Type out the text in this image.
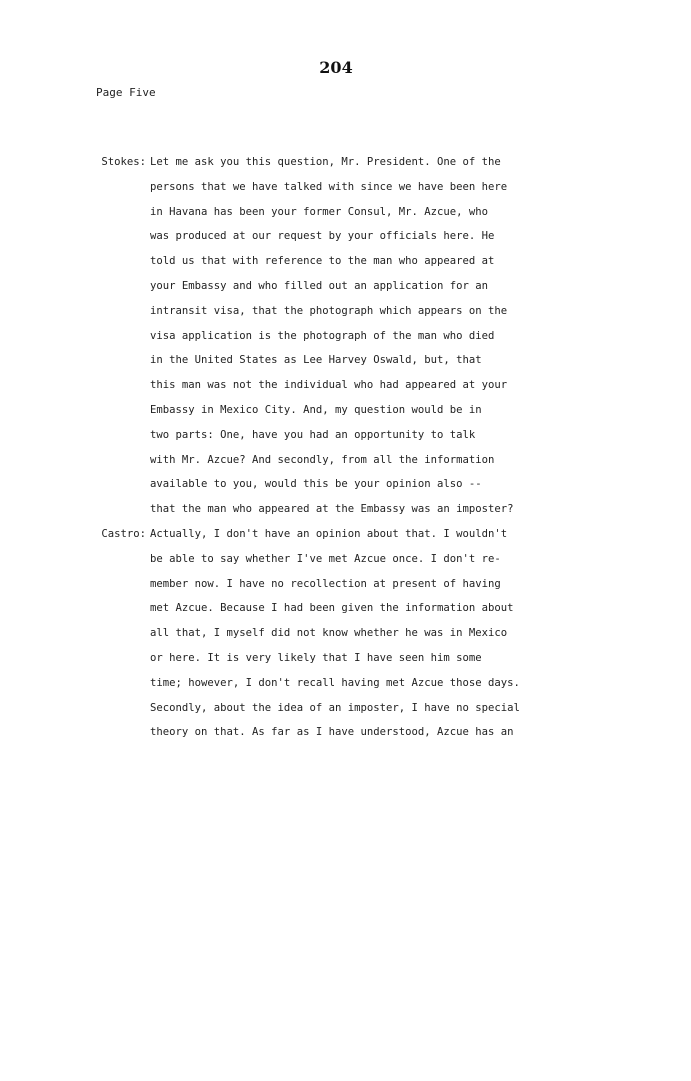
204
Page Five
Stokes: Let me ask you this question, Mr. President. One of the
persons that we have talked with since we have been here
in Havana has been your former Consul, Mr. Azcue, who
was produced at our request by your officials here. He
told us that with reference to the man who appeared at
your Embassy and who filled out an application for an
intransit visa, that the photograph which appears on the
visa application is the photograph of the man who died
in the United States as Lee Harvey Oswald, but, that
this man was not the individual who had appeared at your
Embassy in Mexico City. And, my question would be in
two parts: One, have you had an opportunity to talk
with Mr. Azcue? And secondly, from all the information
available to you, would this be your opinion also --
that the man who appeared at the Embassy was an imposter?
Castro: Actually, I don't have an opinion about that. I wouldn't
be able to say whether I've met Azcue once. I don't re-
member now. I have no recollection at present of having
met Azcue. Because I had been given the information about
all that, I myself did not know whether he was in Mexico
or here. It is very likely that I have seen him some
time; however, I don't recall having met Azcue those days.
Secondly, about the idea of an imposter, I have no special
theory on that. As far as I have understood, Azcue has an
